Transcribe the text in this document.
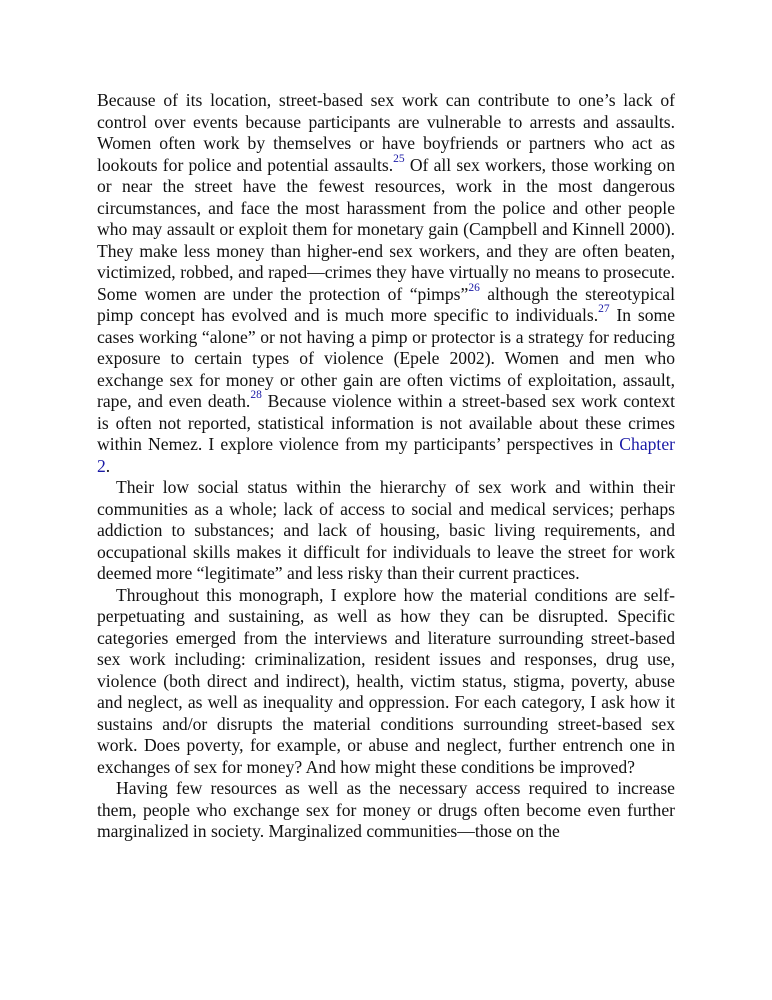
Because of its location, street-based sex work can contribute to one’s lack of control over events because participants are vulnerable to arrests and assaults. Women often work by themselves or have boyfriends or partners who act as lookouts for police and potential assaults.$^{25}$ Of all sex workers, those working on or near the street have the fewest resources, work in the most dangerous circumstances, and face the most harassment from the police and other people who may assault or exploit them for monetary gain (Campbell and Kinnell 2000). They make less money than higher-end sex workers, and they are often beaten, victimized, robbed, and raped—crimes they have virtually no means to prosecute. Some women are under the protection of “pimps”$^{26}$ although the stereotypical pimp concept has evolved and is much more specific to individuals.$^{27}$ In some cases working “alone” or not having a pimp or protector is a strategy for reducing exposure to certain types of violence (Epele 2002). Women and men who exchange sex for money or other gain are often victims of exploitation, assault, rape, and even death.$^{28}$ Because violence within a street-based sex work context is often not reported, statistical information is not available about these crimes within Nemez. I explore violence from my participants’ perspectives in Chapter 2.

Their low social status within the hierarchy of sex work and within their communities as a whole; lack of access to social and medical services; perhaps addiction to substances; and lack of housing, basic living requirements, and occupational skills makes it difficult for individuals to leave the street for work deemed more “legitimate” and less risky than their current practices.

Throughout this monograph, I explore how the material conditions are self-perpetuating and sustaining, as well as how they can be disrupted. Specific categories emerged from the interviews and literature surrounding street-based sex work including: criminalization, resident issues and responses, drug use, violence (both direct and indirect), health, victim status, stigma, poverty, abuse and neglect, as well as inequality and oppression. For each category, I ask how it sustains and/or disrupts the material conditions surrounding street-based sex work. Does poverty, for example, or abuse and neglect, further entrench one in exchanges of sex for money? And how might these conditions be improved?

Having few resources as well as the necessary access required to increase them, people who exchange sex for money or drugs often become even further marginalized in society. Marginalized communities—those on the
